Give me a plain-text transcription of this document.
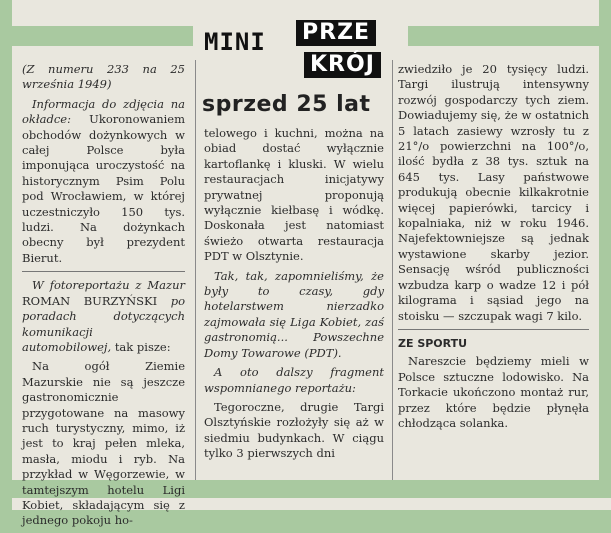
MINI PRZE
KRÓJ
sprzed 25 lat

(Z numeru 233 na 25 września 1949)

Informacja do zdjęcia na okładce: Ukoronowaniem obchodów dożynkowych w całej Polsce była imponująca uroczystość na historycznym Psim Polu pod Wrocławiem, w której uczestniczyło 150 tys. ludzi. Na dożynkach obecny był prezydent Bierut.

W fotoreportażu z Mazur ROMAN BURZYŃSKI po poradach dotyczących komunikacji automobilowej, tak pisze:

Na ogół Ziemie Mazurskie nie są jeszcze gastronomicznie przygotowane na masowy ruch turystyczny, mimo, iż jest to kraj pełen mleka, masła, miodu i ryb. Na przykład w Węgorzewie, w tamtejszym hotelu Ligi Kobiet, składającym się z jednego pokoju ho-

telowego i kuchni, można na obiad dostać wyłącznie kartoflankę i kluski. W wielu restauracjach inicjatywy prywatnej proponują wyłącznie kiełbasę i wódkę. Doskonała jest natomiast świeżo otwarta restauracja PDT w Olsztynie.

Tak, tak, zapomnieliśmy, że były to czasy, gdy hotelarstwem nierzadko zajmowała się Liga Kobiet, zaś gastronomią... Powszechne Domy Towarowe (PDT).

A oto dalszy fragment wspomnianego reportażu:

Tegoroczne, drugie Targi Olsztyńskie rozłożyły się aż w siedmiu budynkach. W ciągu tylko 3 pierwszych dni

zwiedziło je 20 tysięcy ludzi. Targi ilustrują intensywny rozwój gospodarczy tych ziem. Dowiadujemy się, że w ostatnich 5 latach zasiewy wzrosły tu z 21°/o powierzchni na 100°/o, ilość bydła z 38 tys. sztuk na 645 tys. Lasy państwowe produkują obecnie kilkakrotnie więcej papierówki, tarcicy i kopalniaka, niż w roku 1946. Najefektowniejsze są jednak wystawione skarby jezior. Sensację wśród publiczności wzbudza karp o wadze 12 i pół kilograma i sąsiad jego na stoisku — szczupak wagi 7 kilo.

ZE SPORTU

Nareszcie będziemy mieli w Polsce sztuczne lodowisko. Na Torkacie ukończono montaż rur, przez które będzie płynęła chłodząca solanka.
